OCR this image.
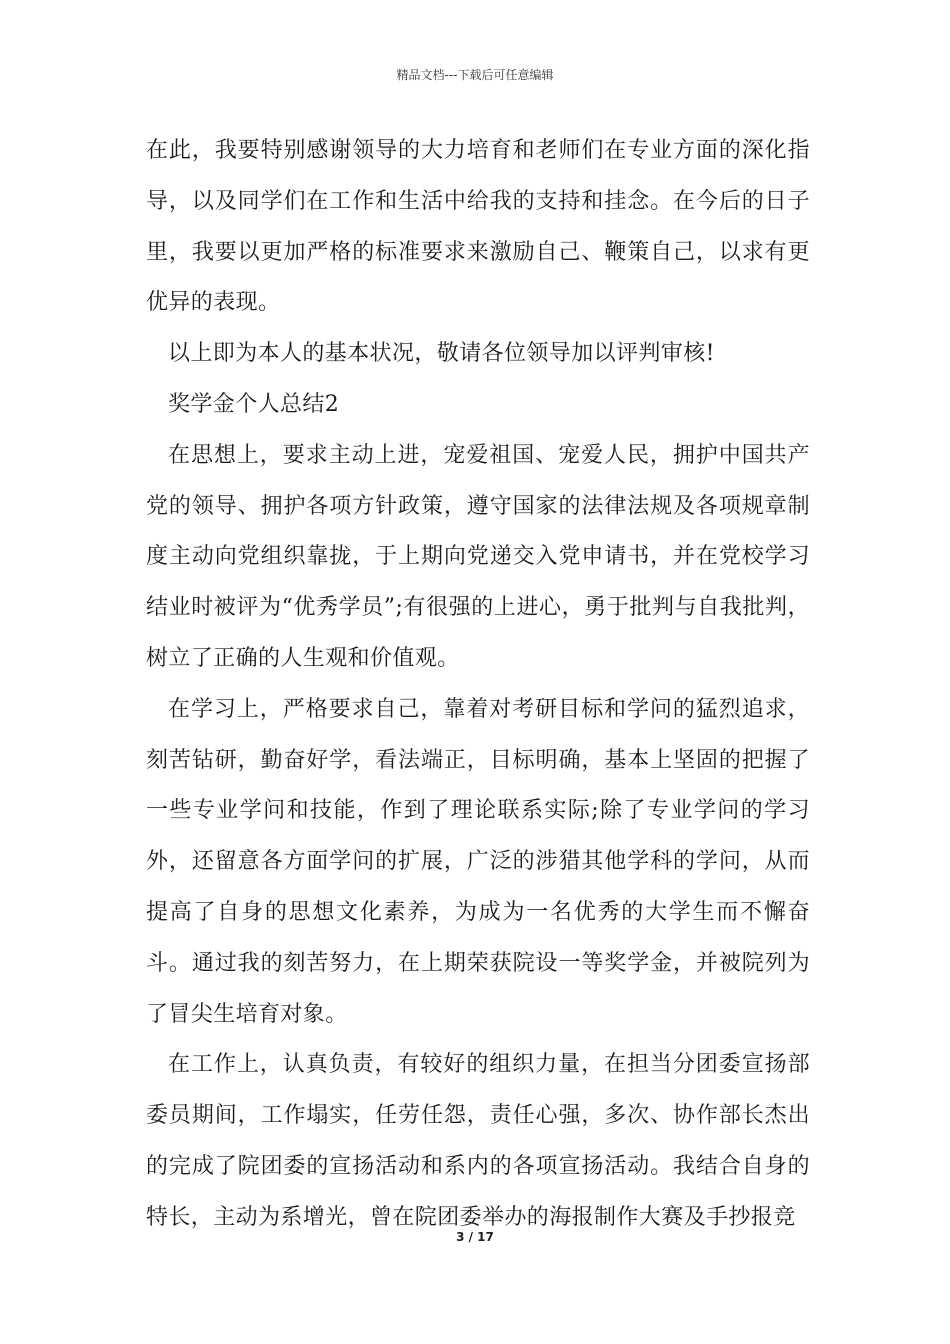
精品文档---下载后可任意编辑

在此，我要特别感谢领导的大力培育和老师们在专业方面的深化指导，以及同学们在工作和生活中给我的支持和挂念。在今后的日子里，我要以更加严格的标准要求来激励自己、鞭策自己，以求有更优异的表现。

以上即为本人的基本状况，敬请各位领导加以评判审核!

奖学金个人总结2

在思想上，要求主动上进，宠爱祖国、宠爱人民，拥护中国共产党的领导、拥护各项方针政策，遵守国家的法律法规及各项规章制度主动向党组织靠拢，于上期向党递交入党申请书，并在党校学习结业时被评为“优秀学员”;有很强的上进心，勇于批判与自我批判，树立了正确的人生观和价值观。

在学习上，严格要求自己，靠着对考研目标和学问的猛烈追求，刻苦钻研，勤奋好学，看法端正，目标明确，基本上坚固的把握了一些专业学问和技能，作到了理论联系实际;除了专业学问的学习外，还留意各方面学问的扩展，广泛的涉猎其他学科的学问，从而提高了自身的思想文化素养，为成为一名优秀的大学生而不懈奋斗。通过我的刻苦努力，在上期荣获院设一等奖学金，并被院列为了冒尖生培育对象。

在工作上，认真负责，有较好的组织力量，在担当分团委宣扬部委员期间，工作塌实，任劳任怨，责任心强，多次、协作部长杰出的完成了院团委的宣扬活动和系内的各项宣扬活动。我结合自身的特长，主动为系增光，曾在院团委举办的海报制作大赛及手抄报竞

3 / 17
